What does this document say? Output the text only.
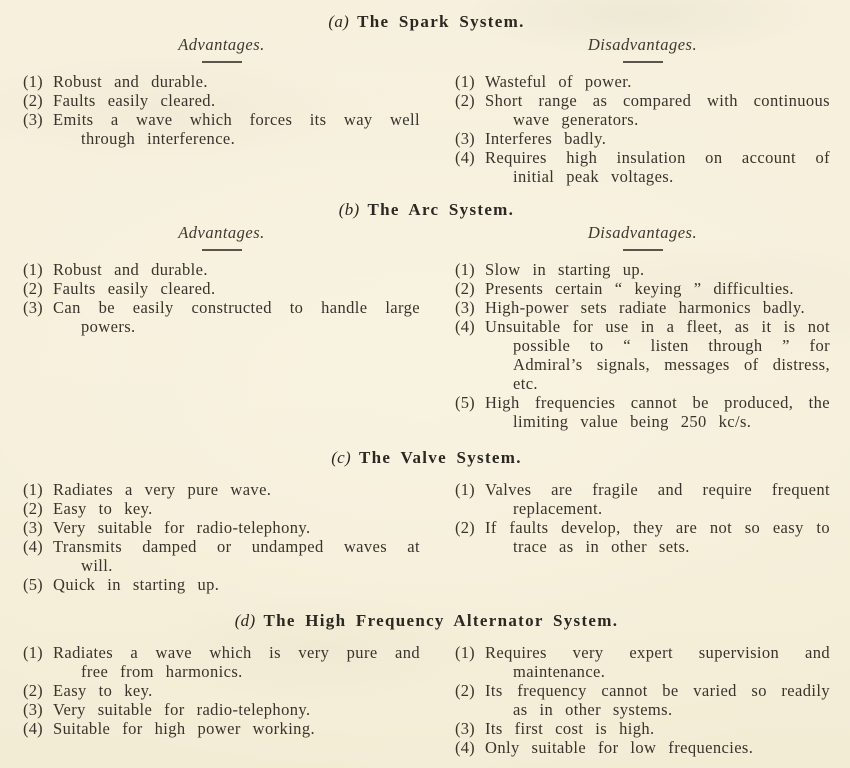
(a) The Spark System.
Advantages.	Disadvantages.
(1) Robust and durable.
(2) Faults easily cleared.
(3) Emits a wave which forces its way well through interference.
(1) Wasteful of power.
(2) Short range as compared with continuous wave generators.
(3) Interferes badly.
(4) Requires high insulation on account of initial peak voltages.
(b) The Arc System.
Advantages.	Disadvantages.
(1) Robust and durable.
(2) Faults easily cleared.
(3) Can be easily constructed to handle large powers.
(1) Slow in starting up.
(2) Presents certain “ keying ” difficulties.
(3) High-power sets radiate harmonics badly.
(4) Unsuitable for use in a fleet, as it is not possible to “ listen through ” for Admiral’s signals, messages of distress, etc.
(5) High frequencies cannot be produced, the limiting value being 250 kc/s.
(c) The Valve System.
(1) Radiates a very pure wave.
(2) Easy to key.
(3) Very suitable for radio-telephony.
(4) Transmits damped or undamped waves at will.
(5) Quick in starting up.
(1) Valves are fragile and require frequent replacement.
(2) If faults develop, they are not so easy to trace as in other sets.
(d) The High Frequency Alternator System.
(1) Radiates a wave which is very pure and free from harmonics.
(2) Easy to key.
(3) Very suitable for radio-telephony.
(4) Suitable for high power working.
(1) Requires very expert supervision and maintenance.
(2) Its frequency cannot be varied so readily as in other systems.
(3) Its first cost is high.
(4) Only suitable for low frequencies.
